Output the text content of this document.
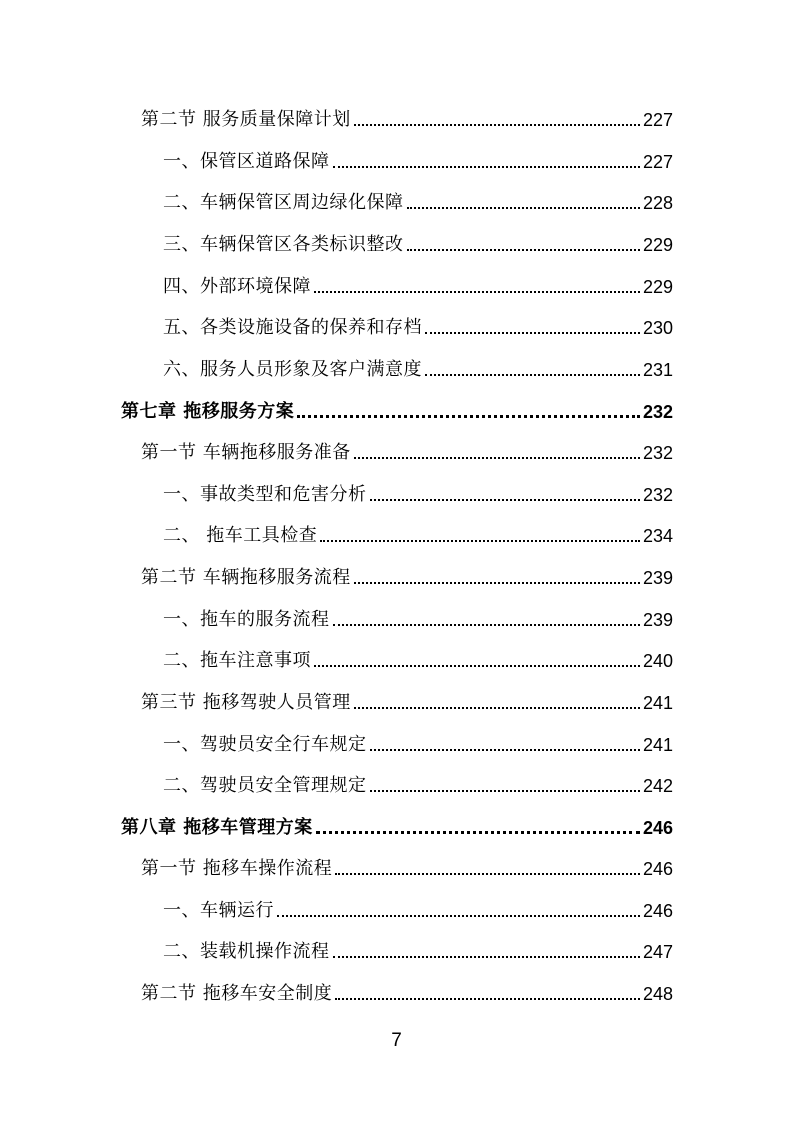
第二节 服务质量保障计划	227
一、保管区道路保障	227
二、车辆保管区周边绿化保障	228
三、车辆保管区各类标识整改	229
四、外部环境保障	229
五、各类设施设备的保养和存档	230
六、服务人员形象及客户满意度	231
第七章 拖移服务方案	232
第一节 车辆拖移服务准备	232
一、事故类型和危害分析	232
二、 拖车工具检查	234
第二节 车辆拖移服务流程	239
一、拖车的服务流程	239
二、拖车注意事项	240
第三节 拖移驾驶人员管理	241
一、驾驶员安全行车规定	241
二、驾驶员安全管理规定	242
第八章 拖移车管理方案	246
第一节 拖移车操作流程	246
一、车辆运行	246
二、装载机操作流程	247
第二节 拖移车安全制度	248
7
